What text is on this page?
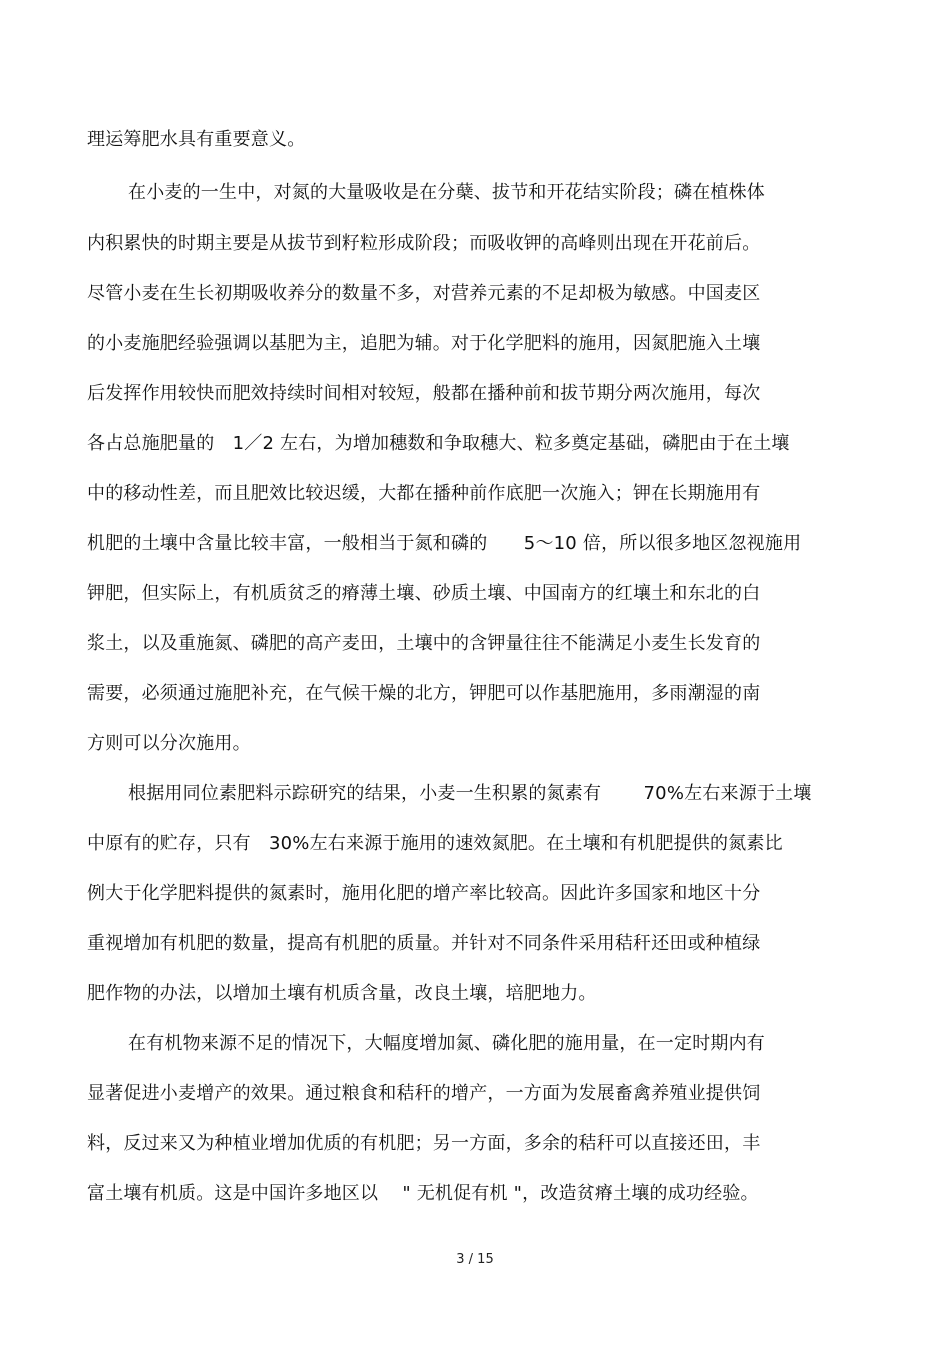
理运筹肥水具有重要意义。
在小麦的一生中，对氮的大量吸收是在分蘖、拔节和开花结实阶段；磷在植株体
内积累快的时期主要是从拔节到籽粒形成阶段；而吸收钾的高峰则出现在开花前后。
尽管小麦在生长初期吸收养分的数量不多，对营养元素的不足却极为敏感。中国麦区
的小麦施肥经验强调以基肥为主，追肥为辅。对于化学肥料的施用，因氮肥施入土壤
后发挥作用较快而肥效持续时间相对较短，般都在播种前和拔节期分两次施用，每次
各占总施肥量的　1／2 左右，为增加穗数和争取穗大、粒多奠定基础，磷肥由于在土壤
中的移动性差，而且肥效比较迟缓，大都在播种前作底肥一次施入；钾在长期施用有
机肥的土壤中含量比较丰富，一般相当于氮和磷的　　5～10 倍，所以很多地区忽视施用
钾肥，但实际上，有机质贫乏的瘠薄土壤、砂质土壤、中国南方的红壤土和东北的白
浆土，以及重施氮、磷肥的高产麦田，土壤中的含钾量往往不能满足小麦生长发育的
需要，必须通过施肥补充，在气候干燥的北方，钾肥可以作基肥施用，多雨潮湿的南
方则可以分次施用。
根据用同位素肥料示踪研究的结果，小麦一生积累的氮素有　　 70%左右来源于土壤
中原有的贮存，只有　30%左右来源于施用的速效氮肥。在土壤和有机肥提供的氮素比
例大于化学肥料提供的氮素时，施用化肥的增产率比较高。因此许多国家和地区十分
重视增加有机肥的数量，提高有机肥的质量。并针对不同条件采用秸秆还田或种植绿
肥作物的办法，以增加土壤有机质含量，改良土壤，培肥地力。
在有机物来源不足的情况下，大幅度增加氮、磷化肥的施用量，在一定时期内有
显著促进小麦增产的效果。通过粮食和秸秆的增产，一方面为发展畜禽养殖业提供饲
料，反过来又为种植业增加优质的有机肥；另一方面，多余的秸秆可以直接还田，丰
富土壤有机质。这是中国许多地区以　 " 无机促有机 "，改造贫瘠土壤的成功经验。
3 / 15
